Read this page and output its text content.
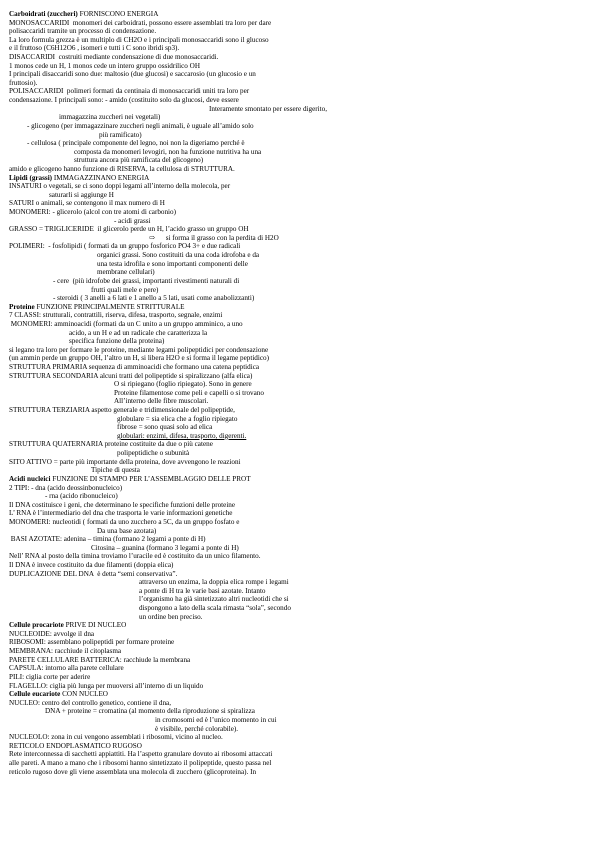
Carboidrati (zuccheri) FORNISCONO ENERGIA
MONOSACCARIDI  monomeri dei carboidrati, possono essere assemblati tra loro per dare
polisaccaridi tramite un processo di condensazione.
La loro formula grezza è un multiplo di CH2O e i principali monosaccaridi sono il glucoso
e il fruttoso (C6H12O6 , isomeri e tutti i C sono ibridi sp3).
DISACCARIDI  costruiti mediante condensazione di due monosaccaridi.
1 monos cede un H, 1 monos cede un intero gruppo ossidrilico OH
I principali disaccaridi sono due: maltosio (due glucosi) e saccarosio (un glucosio e un
fruttosio).
POLISACCARIDI  polimeri formati da centinaia di monosaccaridi uniti tra loro per
condensazione. I principali sono: - amido (costituito solo da glucosi, deve essere
Interamente smontato per essere digerito,
immagazzina zuccheri nei vegetali)
- glicogeno (per immagazzinare zuccheri negli animali, è uguale all’amido solo
più ramificato)
- cellulosa ( principale componente del legno, noi non la digeriamo perché è
composta da monomeri levogiri, non ha funzione nutritiva ha una
struttura ancora più ramificata del glicogeno)
amido e glicogeno hanno funzione di RISERVA, la cellulosa di STRUTTURA.
Lipidi (grassi) IMMAGAZZINANO ENERGIA
INSATURI o vegetali, se ci sono doppi legami all’interno della molecola, per
saturarli si aggiunge H
SATURI o animali, se contengono il max numero di H
MONOMERI: - glicerolo (alcol con tre atomi di carbonio)
- acidi grassi
GRASSO = TRIGLICERIDE  il glicerolo perde un H, l’acido grasso un gruppo OH
⇨      si forma il grasso con la perdita di H2O
POLIMERI:  - fosfolipidi ( formati da un gruppo fosforico PO4 3+ e due radicali
organici grassi. Sono costituiti da una coda idrofoba e da
una testa idrofila e sono importanti componenti delle
membrane cellulari)
- cere  (più idrofobe dei grassi, importanti rivestimenti naturali di
frutti quali mele e pere)
- steroidi ( 3 anelli a 6 lati e 1 anello a 5 lati, usati come anabolizzanti)
Proteine FUNZIONE PRINCIPALMENTE STRITTURALE
7 CLASSI: strutturali, contrattili, riserva, difesa, trasporto, segnale, enzimi
MONOMERI: amminoacidi (formati da un C unito a un gruppo amminico, a uno
acido, a un H e ad un radicale che caratterizza la
specifica funzione della proteina)
si legano tra loro per formare le proteine, mediante legami polipeptidici per condensazione
(un ammin perde un gruppo OH, l’altro un H, si libera H2O e si forma il legame peptidico)
STRUTTURA PRIMARIA sequenza di amminoacidi che formano una catena peptidica
STRUTTURA SECONDARIA alcuni tratti del polipeptide si spiralizzano (alfa elica)
O si ripiegano (foglio ripiegato). Sono in genere
Proteine filamentose come peli e capelli o si trovano
All’interno delle fibre muscolari.
STRUTTURA TERZIARIA aspetto generale e tridimensionale del polipeptide,
globulare = sia elica che a foglio ripiegato
fibrose = sono quasi solo ad elica
globulari: enzimi, difesa, trasporto, digerenti.
STRUTTURA QUATERNARIA proteine costituite da due o più catene
polipeptidiche o subunità
SITO ATTIVO = parte più importante della proteina, dove avvengono le reazioni
Tipiche di questa
Acidi nucleici FUNZIONE DI STAMPO PER L’ASSEMBLAGGIO DELLE PROT
2 TIPI: - dna (acido deossinbonucleico)
- rna (acido ribonucleico)
Il DNA costituisce i geni, che determinano le specifiche funzioni delle proteine
L’ RNA è l’intermediario del dna che trasporta le varie informazioni genetiche
MONOMERI: nucleotidi ( formati da uno zucchero a 5C, da un gruppo fosfato e
Da una base azotata)
BASI AZOTATE: adenina – timina (formano 2 legami a ponte di H)
Citosina – guanina (formano 3 legami a ponte di H)
Nell’ RNA al posto della timina troviamo l’uracile ed è costituito da un unico filamento.
Il DNA è invece costituito da due filamenti (doppia elica)
DUPLICAZIONE DEL DNA  è detta “semi conservativa”.
attraverso un enzima, la doppia elica rompe i legami
a ponte di H tra le varie basi azotate. Intanto
l’organismo ha già sintetizzato altri nucleotidi che si
dispongono a lato della scala rimasta “sola”, secondo
un ordine ben preciso.
Cellule procariote PRIVE DI NUCLEO
NUCLEOIDE: avvolge il dna
RIBOSOMI: assemblano polipeptidi per formare proteine
MEMBRANA: racchiude il citoplasma
PARETE CELLULARE BATTERICA: racchiude la membrana
CAPSULA: intorno alla parete cellulare
PILI: ciglia corte per aderire
FLAGELLO: ciglia più lunga per muoversi all’interno di un liquido
Cellule eucariote CON NUCLEO
NUCLEO: centro del controllo genetico, contiene il dna,
DNA + proteine = cromatina (al momento della riproduzione si spiralizza
in cromosomi ed è l’unico momento in cui
è visibile, perché colorabile).
NUCLEOLO: zona in cui vengono assemblati i ribosomi, vicino al nucleo.
RETICOLO ENDOPLASMATICO RUGOSO
Rete interconnessa di sacchetti appiattiti. Ha l’aspetto granulare dovuto ai ribosomi attaccati
alle pareti. A mano a mano che i ribosomi hanno sintetizzato il polipeptide, questo passa nel
reticolo rugoso dove gli viene assemblata una molecola di zucchero (glicoproteina). In
